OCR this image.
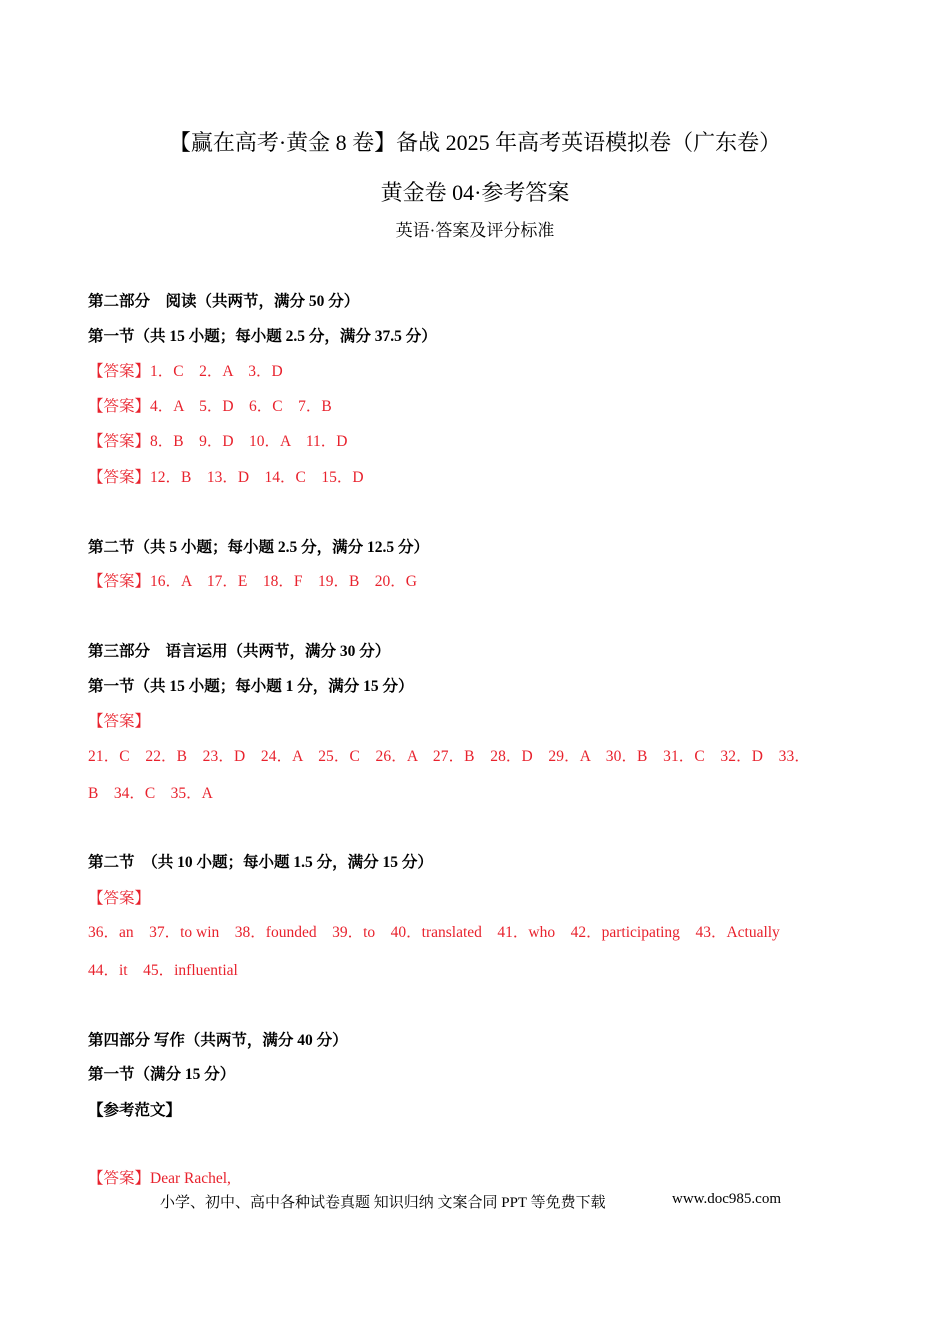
【赢在高考·黄金 8 卷】备战 2025 年高考英语模拟卷（广东卷）
黄金卷 04·参考答案
英语·答案及评分标准
第二部分　阅读（共两节，满分 50 分）
第一节（共 15 小题；每小题 2.5 分，满分 37.5 分）
【答案】1．C　2．A　3．D
【答案】4．A　5．D　6．C　7．B
【答案】8．B　9．D　10．A　11．D
【答案】12．B　13．D　14．C　15．D
第二节（共 5 小题；每小题 2.5 分，满分 12.5 分）
【答案】16．A　17．E　18．F　19．B　20．G
第三部分　语言运用（共两节，满分 30 分）
第一节（共 15 小题；每小题 1 分，满分 15 分）
【答案】
21．C　22．B　23．D　24．A　25．C　26．A　27．B　28．D　29．A　30．B　31．C　32．D　33．
B　34．C　35．A
第二节　（共 10 小题；每小题 1.5 分，满分 15 分）
【答案】
36．an　37．to win　38．founded　39．to　40．translated　41．who　42．participating　43．Actually
44．it　45．influential
第四部分 写作（共两节，满分 40 分）
第一节（满分 15 分）
【参考范文】
【答案】Dear Rachel,
小学、初中、高中各种试卷真题 知识归纳 文案合同 PPT 等免费下载	www.doc985.com
